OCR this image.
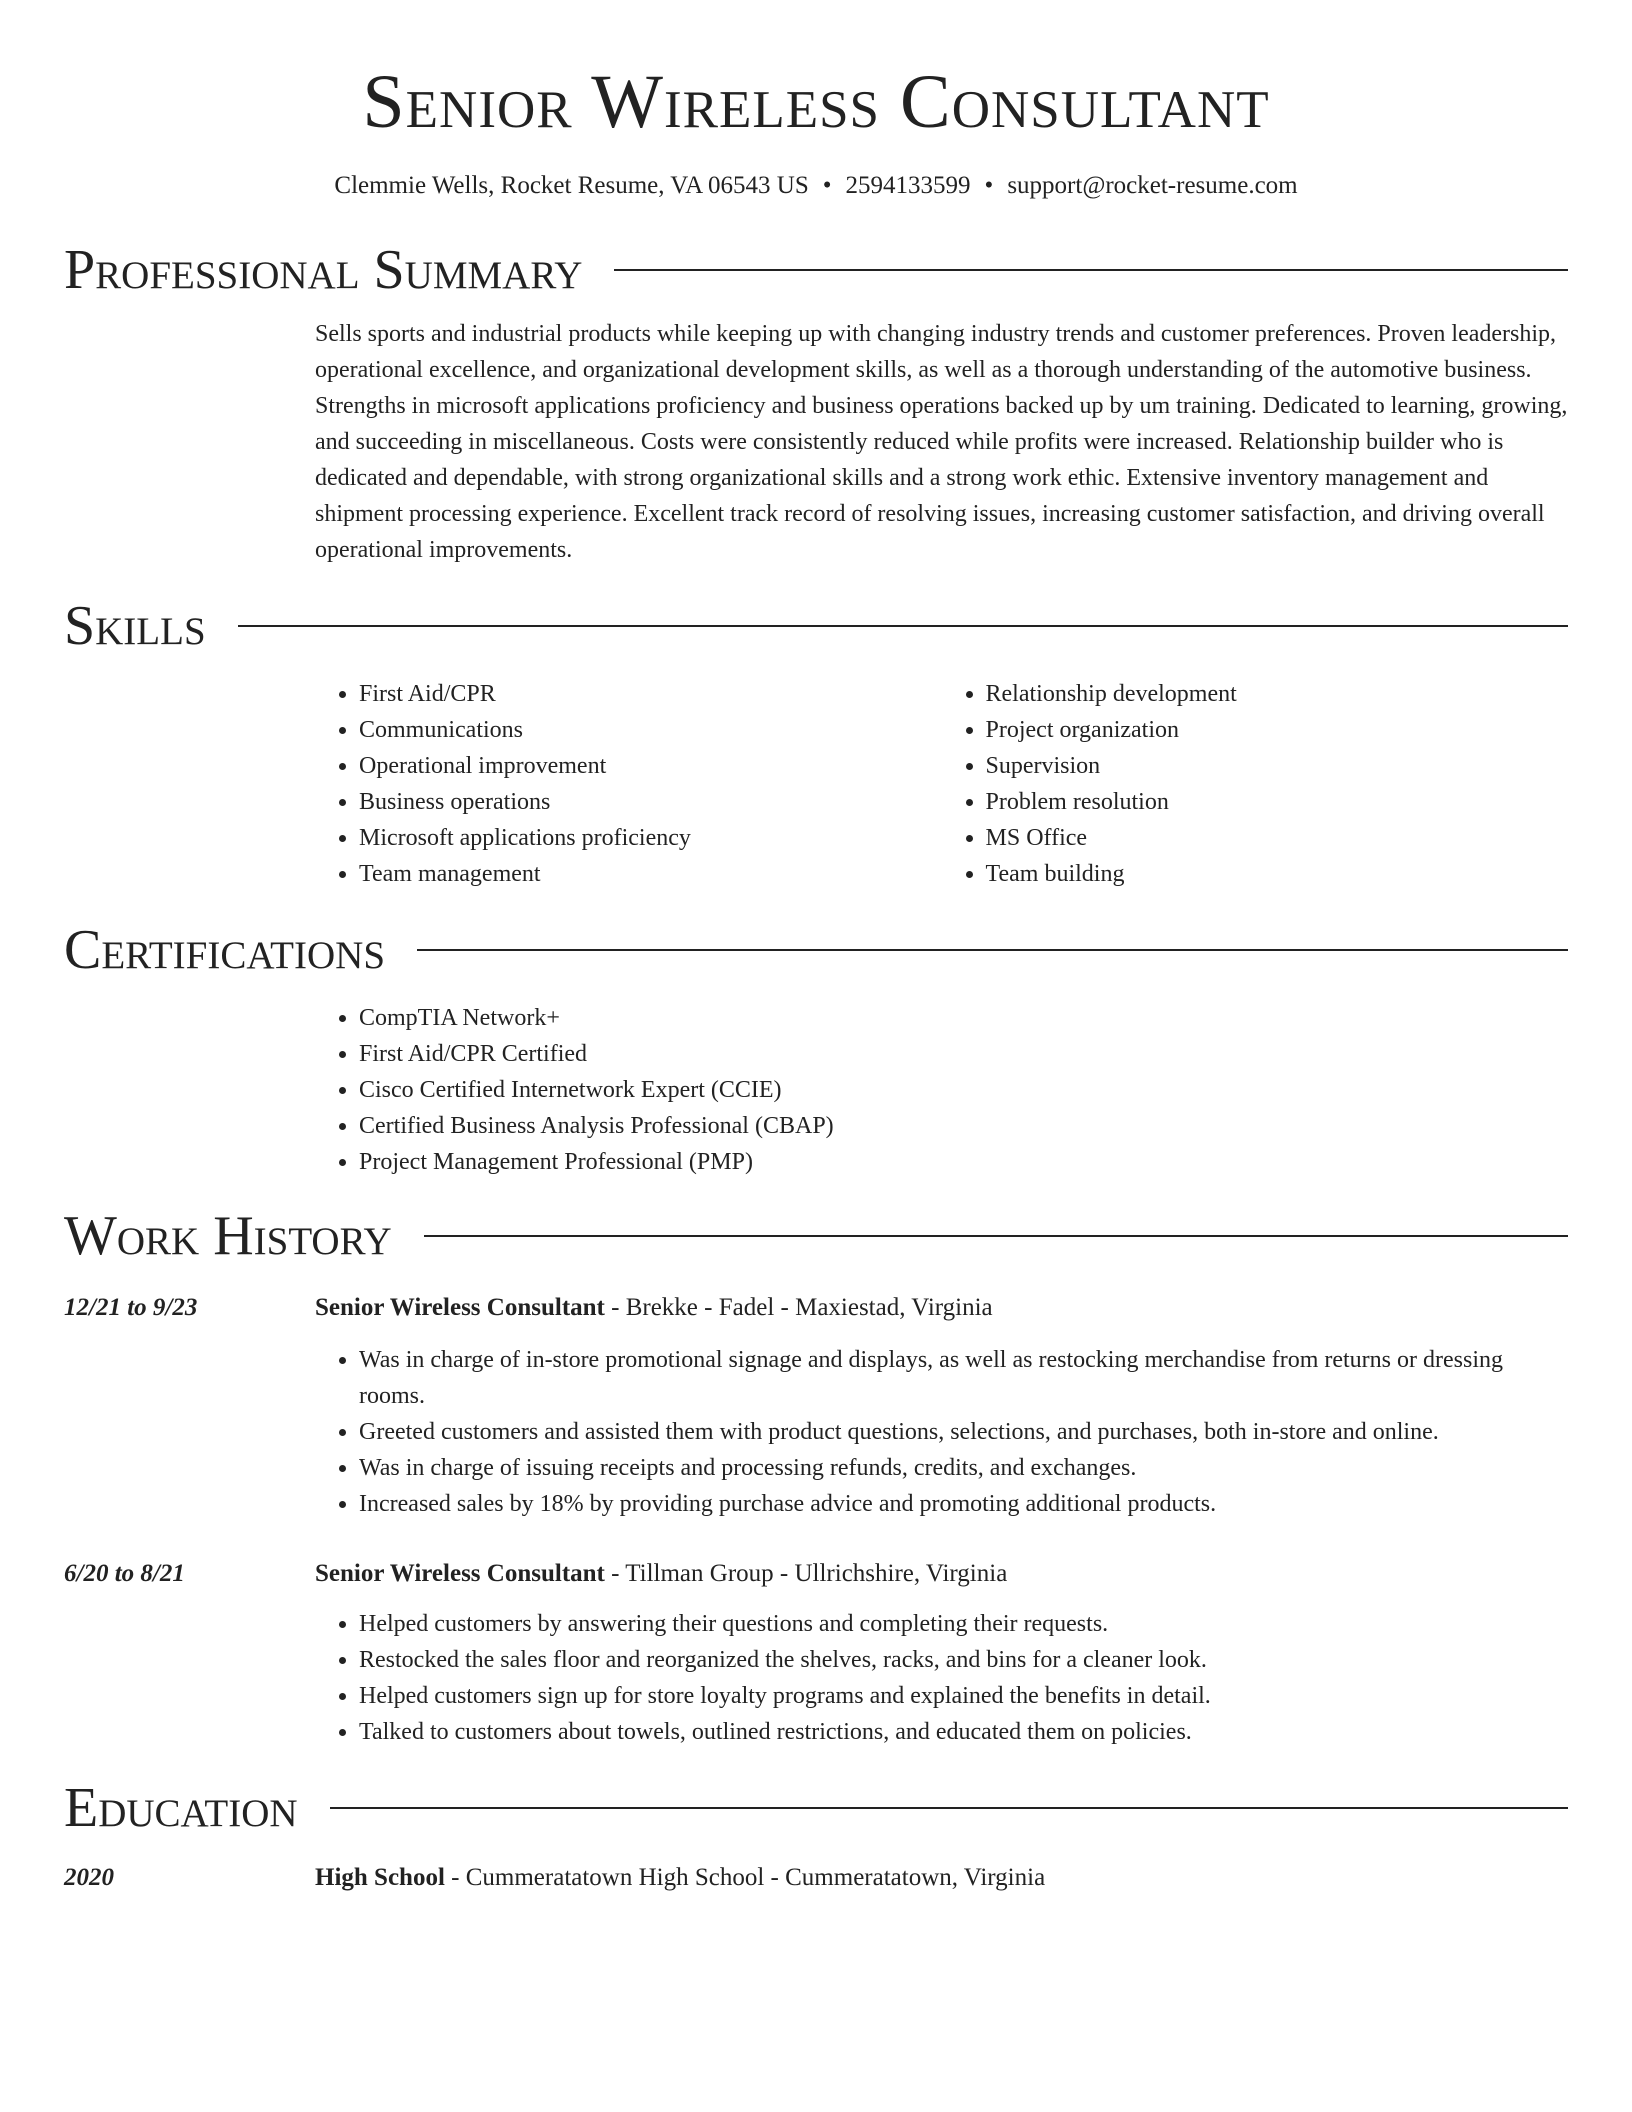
Senior Wireless Consultant
Clemmie Wells, Rocket Resume, VA 06543 US • 2594133599 • support@rocket-resume.com
Professional Summary

Sells sports and industrial products while keeping up with changing industry trends and customer preferences. Proven leadership, operational excellence, and organizational development skills, as well as a thorough understanding of the automotive business. Strengths in microsoft applications proficiency and business operations backed up by um training. Dedicated to learning, growing, and succeeding in miscellaneous. Costs were consistently reduced while profits were increased. Relationship builder who is dedicated and dependable, with strong organizational skills and a strong work ethic. Extensive inventory management and shipment processing experience. Excellent track record of resolving issues, increasing customer satisfaction, and driving overall operational improvements.

Skills
• First Aid/CPR
• Communications
• Operational improvement
• Business operations
• Microsoft applications proficiency
• Team management
• Relationship development
• Project organization
• Supervision
• Problem resolution
• MS Office
• Team building
Certifications
• CompTIA Network+
• First Aid/CPR Certified
• Cisco Certified Internetwork Expert (CCIE)
• Certified Business Analysis Professional (CBAP)
• Project Management Professional (PMP)
Work History
12/21 to 9/23	Senior Wireless Consultant - Brekke - Fadel - Maxiestad, Virginia
• Was in charge of in-store promotional signage and displays, as well as restocking merchandise from returns or dressing rooms.
• Greeted customers and assisted them with product questions, selections, and purchases, both in-store and online.
• Was in charge of issuing receipts and processing refunds, credits, and exchanges.
• Increased sales by 18% by providing purchase advice and promoting additional products.
6/20 to 8/21	Senior Wireless Consultant - Tillman Group - Ullrichshire, Virginia
• Helped customers by answering their questions and completing their requests.
• Restocked the sales floor and reorganized the shelves, racks, and bins for a cleaner look.
• Helped customers sign up for store loyalty programs and explained the benefits in detail.
• Talked to customers about towels, outlined restrictions, and educated them on policies.
Education
2020	High School - Cummeratatown High School - Cummeratatown, Virginia
